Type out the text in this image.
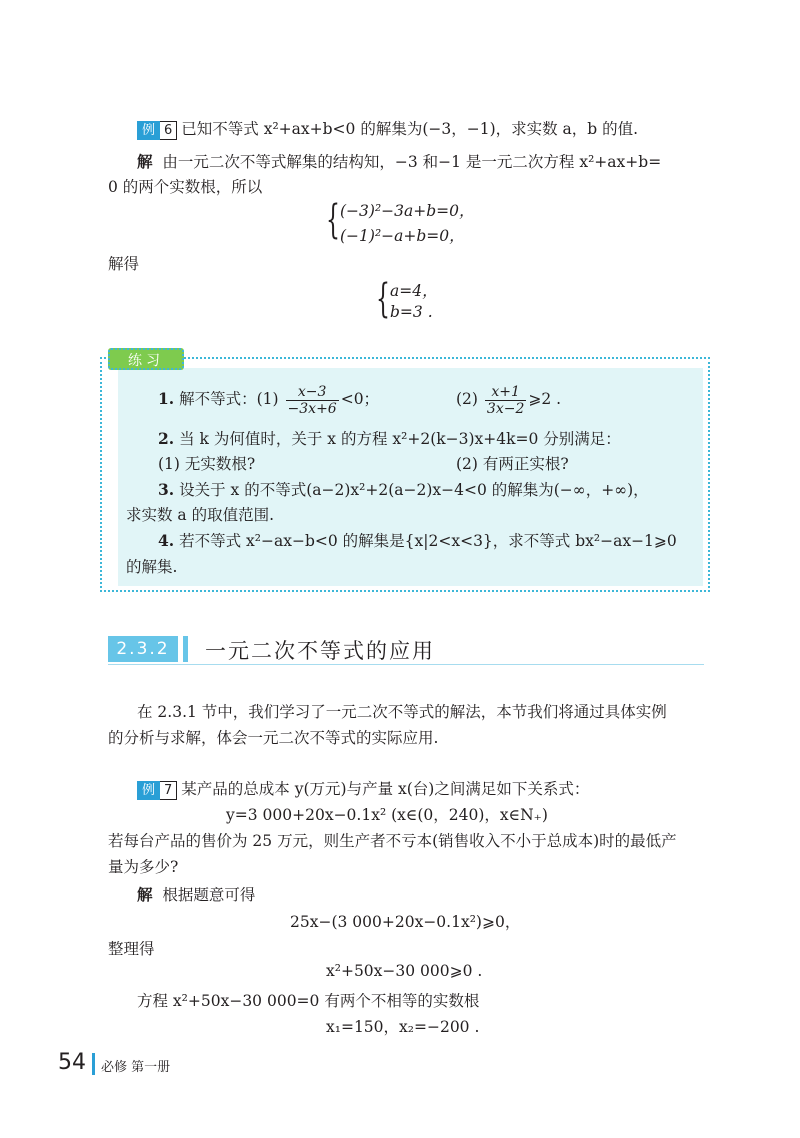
例 6 已知不等式 x²+ax+b<0 的解集为(−3，−1)，求实数 a，b 的值.
解 由一元二次不等式解集的结构知，−3 和−1 是一元二次方程 x²+ax+b=
0 的两个实数根，所以
{ (−3)²−3a+b=0，
(−1)²−a+b=0，
解得
{ a=4，
b=3 .
练习
1. 解不等式：$(1) \frac{x-3}{-3x+6} <0$；	$(2) \frac{x+1}{3x-2}$ ⩾2 .
2. 当 k 为何值时，关于 x 的方程 x²+2(k−3)x+4k=0 分别满足：
(1) 无实数根?	(2) 有两正实根?
3. 设关于 x 的不等式(a−2)x²+2(a−2)x−4<0 的解集为(−∞，+∞)，
求实数 a 的取值范围.
4. 若不等式 x²−ax−b<0 的解集是{x|2<x<3}，求不等式 bx²−ax−1⩾0
的解集.
2.3.2	一元二次不等式的应用
在 2.3.1 节中，我们学习了一元二次不等式的解法，本节我们将通过具体实例
的分析与求解，体会一元二次不等式的实际应用.
例 7 某产品的总成本 y(万元)与产量 x(台)之间满足如下关系式：
y=3 000+20x−0.1x² (x∈(0，240)，x∈N₊)
若每台产品的售价为 25 万元，则生产者不亏本(销售收入不小于总成本)时的最低产
量为多少?
解 根据题意可得
25x−(3 000+20x−0.1x²)⩾0，
整理得
x²+50x−30 000⩾0 .
方程 x²+50x−30 000=0 有两个不相等的实数根
x₁=150，x₂=−200 .
54 必修 第一册
